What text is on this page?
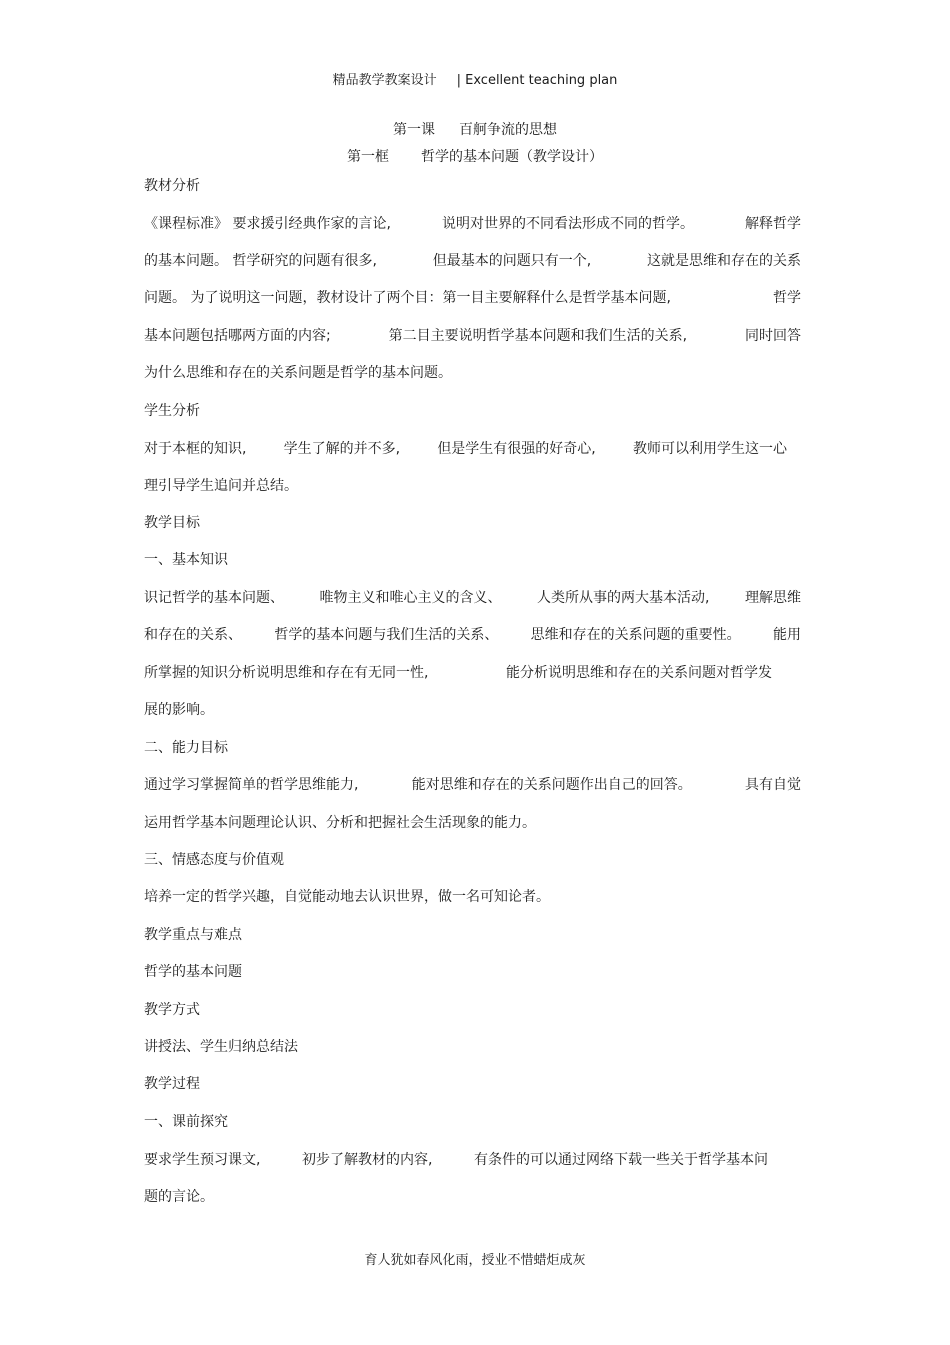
精品教学教案设计 | Excellent teaching plan
第一课 百舸争流的思想
第一框 哲学的基本问题（教学设计）
教材分析
《课程标准》 要求援引经典作家的言论,	说明对世界的不同看法形成不同的哲学。	解释哲学
的基本问题。 哲学研究的问题有很多,	但最基本的问题只有一个,	这就是思维和存在的关系
问题。 为了说明这一问题，教材设计了两个目：第一目主要解释什么是哲学基本问题,	哲学
基本问题包括哪两方面的内容;	第二目主要说明哲学基本问题和我们生活的关系,	同时回答
为什么思维和存在的关系问题是哲学的基本问题。
学生分析
对于本框的知识,	学生了解的并不多,	但是学生有很强的好奇心,	教师可以利用学生这一心
理引导学生追问并总结。
教学目标
一、基本知识
识记哲学的基本问题、	唯物主义和唯心主义的含义、	人类所从事的两大基本活动,	理解思维
和存在的关系、 哲学的基本问题与我们生活的关系、 思维和存在的关系问题的重要性。 能用
所掌握的知识分析说明思维和存在有无同一性,	能分析说明思维和存在的关系问题对哲学发
展的影响。
二、能力目标
通过学习掌握简单的哲学思维能力,	能对思维和存在的关系问题作出自己的回答。	具有自觉
运用哲学基本问题理论认识、分析和把握社会生活现象的能力。
三、情感态度与价值观
培养一定的哲学兴趣，自觉能动地去认识世界，做一名可知论者。
教学重点与难点
哲学的基本问题
教学方式
讲授法、学生归纳总结法
教学过程
一、课前探究
要求学生预习课文,	初步了解教材的内容,	有条件的可以通过网络下载一些关于哲学基本问
题的言论。
育人犹如春风化雨，授业不惜蜡炬成灰
